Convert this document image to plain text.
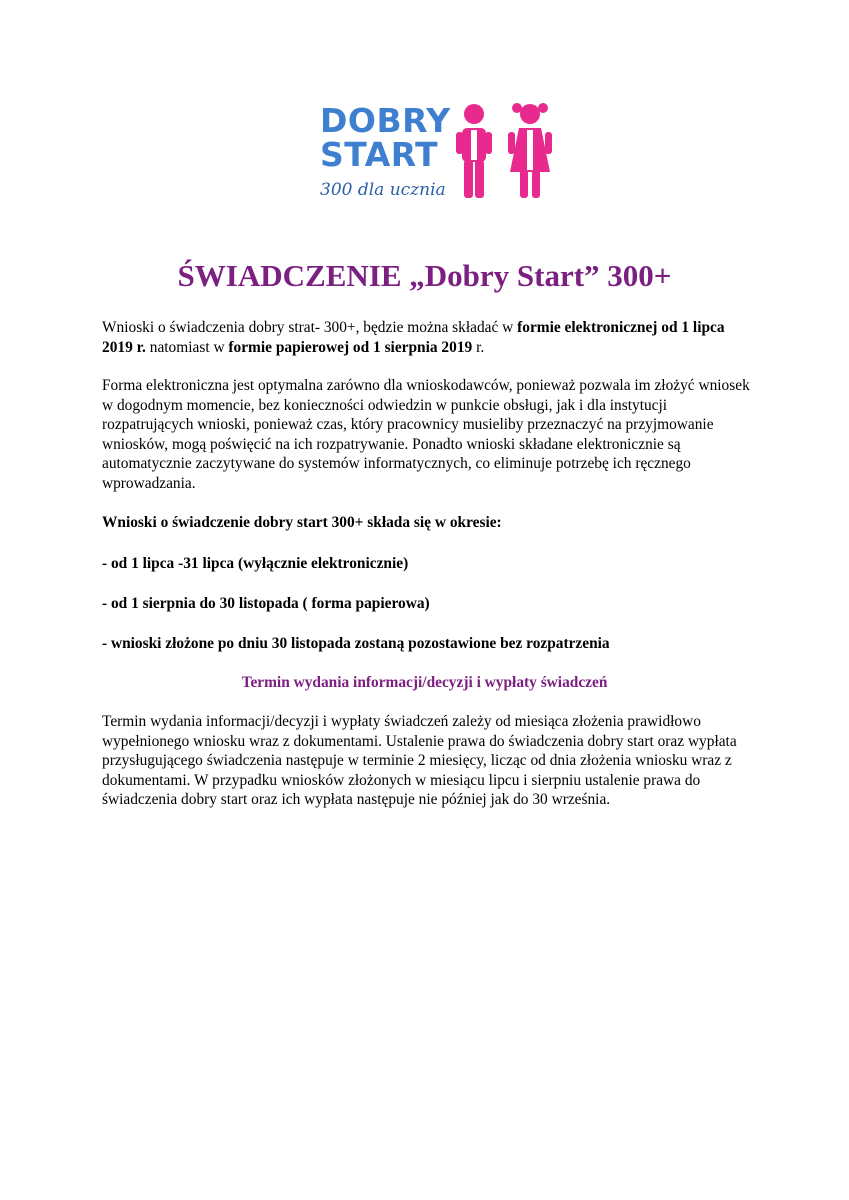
DOBRY
START
300 dla ucznia
ŚWIADCZENIE „Dobry Start” 300+

Wnioski o świadczenia dobry strat- 300+, będzie można składać w formie elektronicznej od 1 lipca 2019 r. natomiast w formie papierowej od 1 sierpnia 2019 r.

Forma elektroniczna jest optymalna zarówno dla wnioskodawców, ponieważ pozwala im złożyć wniosek w dogodnym momencie, bez konieczności odwiedzin w punkcie obsługi, jak i dla instytucji rozpatrujących wnioski, ponieważ czas, który pracownicy musieliby przeznaczyć na przyjmowanie wniosków, mogą poświęcić na ich rozpatrywanie. Ponadto wnioski składane elektronicznie są automatycznie zaczytywane do systemów informatycznych, co eliminuje potrzebę ich ręcznego wprowadzania.

Wnioski o świadczenie dobry start 300+ składa się w okresie:

- od 1 lipca -31 lipca (wyłącznie elektronicznie)

- od 1 sierpnia do 30 listopada ( forma papierowa)

- wnioski złożone po dniu 30 listopada zostaną pozostawione bez rozpatrzenia

Termin wydania informacji/decyzji i wypłaty świadczeń

Termin wydania informacji/decyzji i wypłaty świadczeń zależy od miesiąca złożenia prawidłowo wypełnionego wniosku wraz z dokumentami. Ustalenie prawa do świadczenia dobry start oraz wypłata przysługującego świadczenia następuje w terminie 2 miesięcy, licząc od dnia złożenia wniosku wraz z dokumentami. W przypadku wniosków złożonych w miesiącu lipcu i sierpniu ustalenie prawa do świadczenia dobry start oraz ich wypłata następuje nie później jak do 30 września.
